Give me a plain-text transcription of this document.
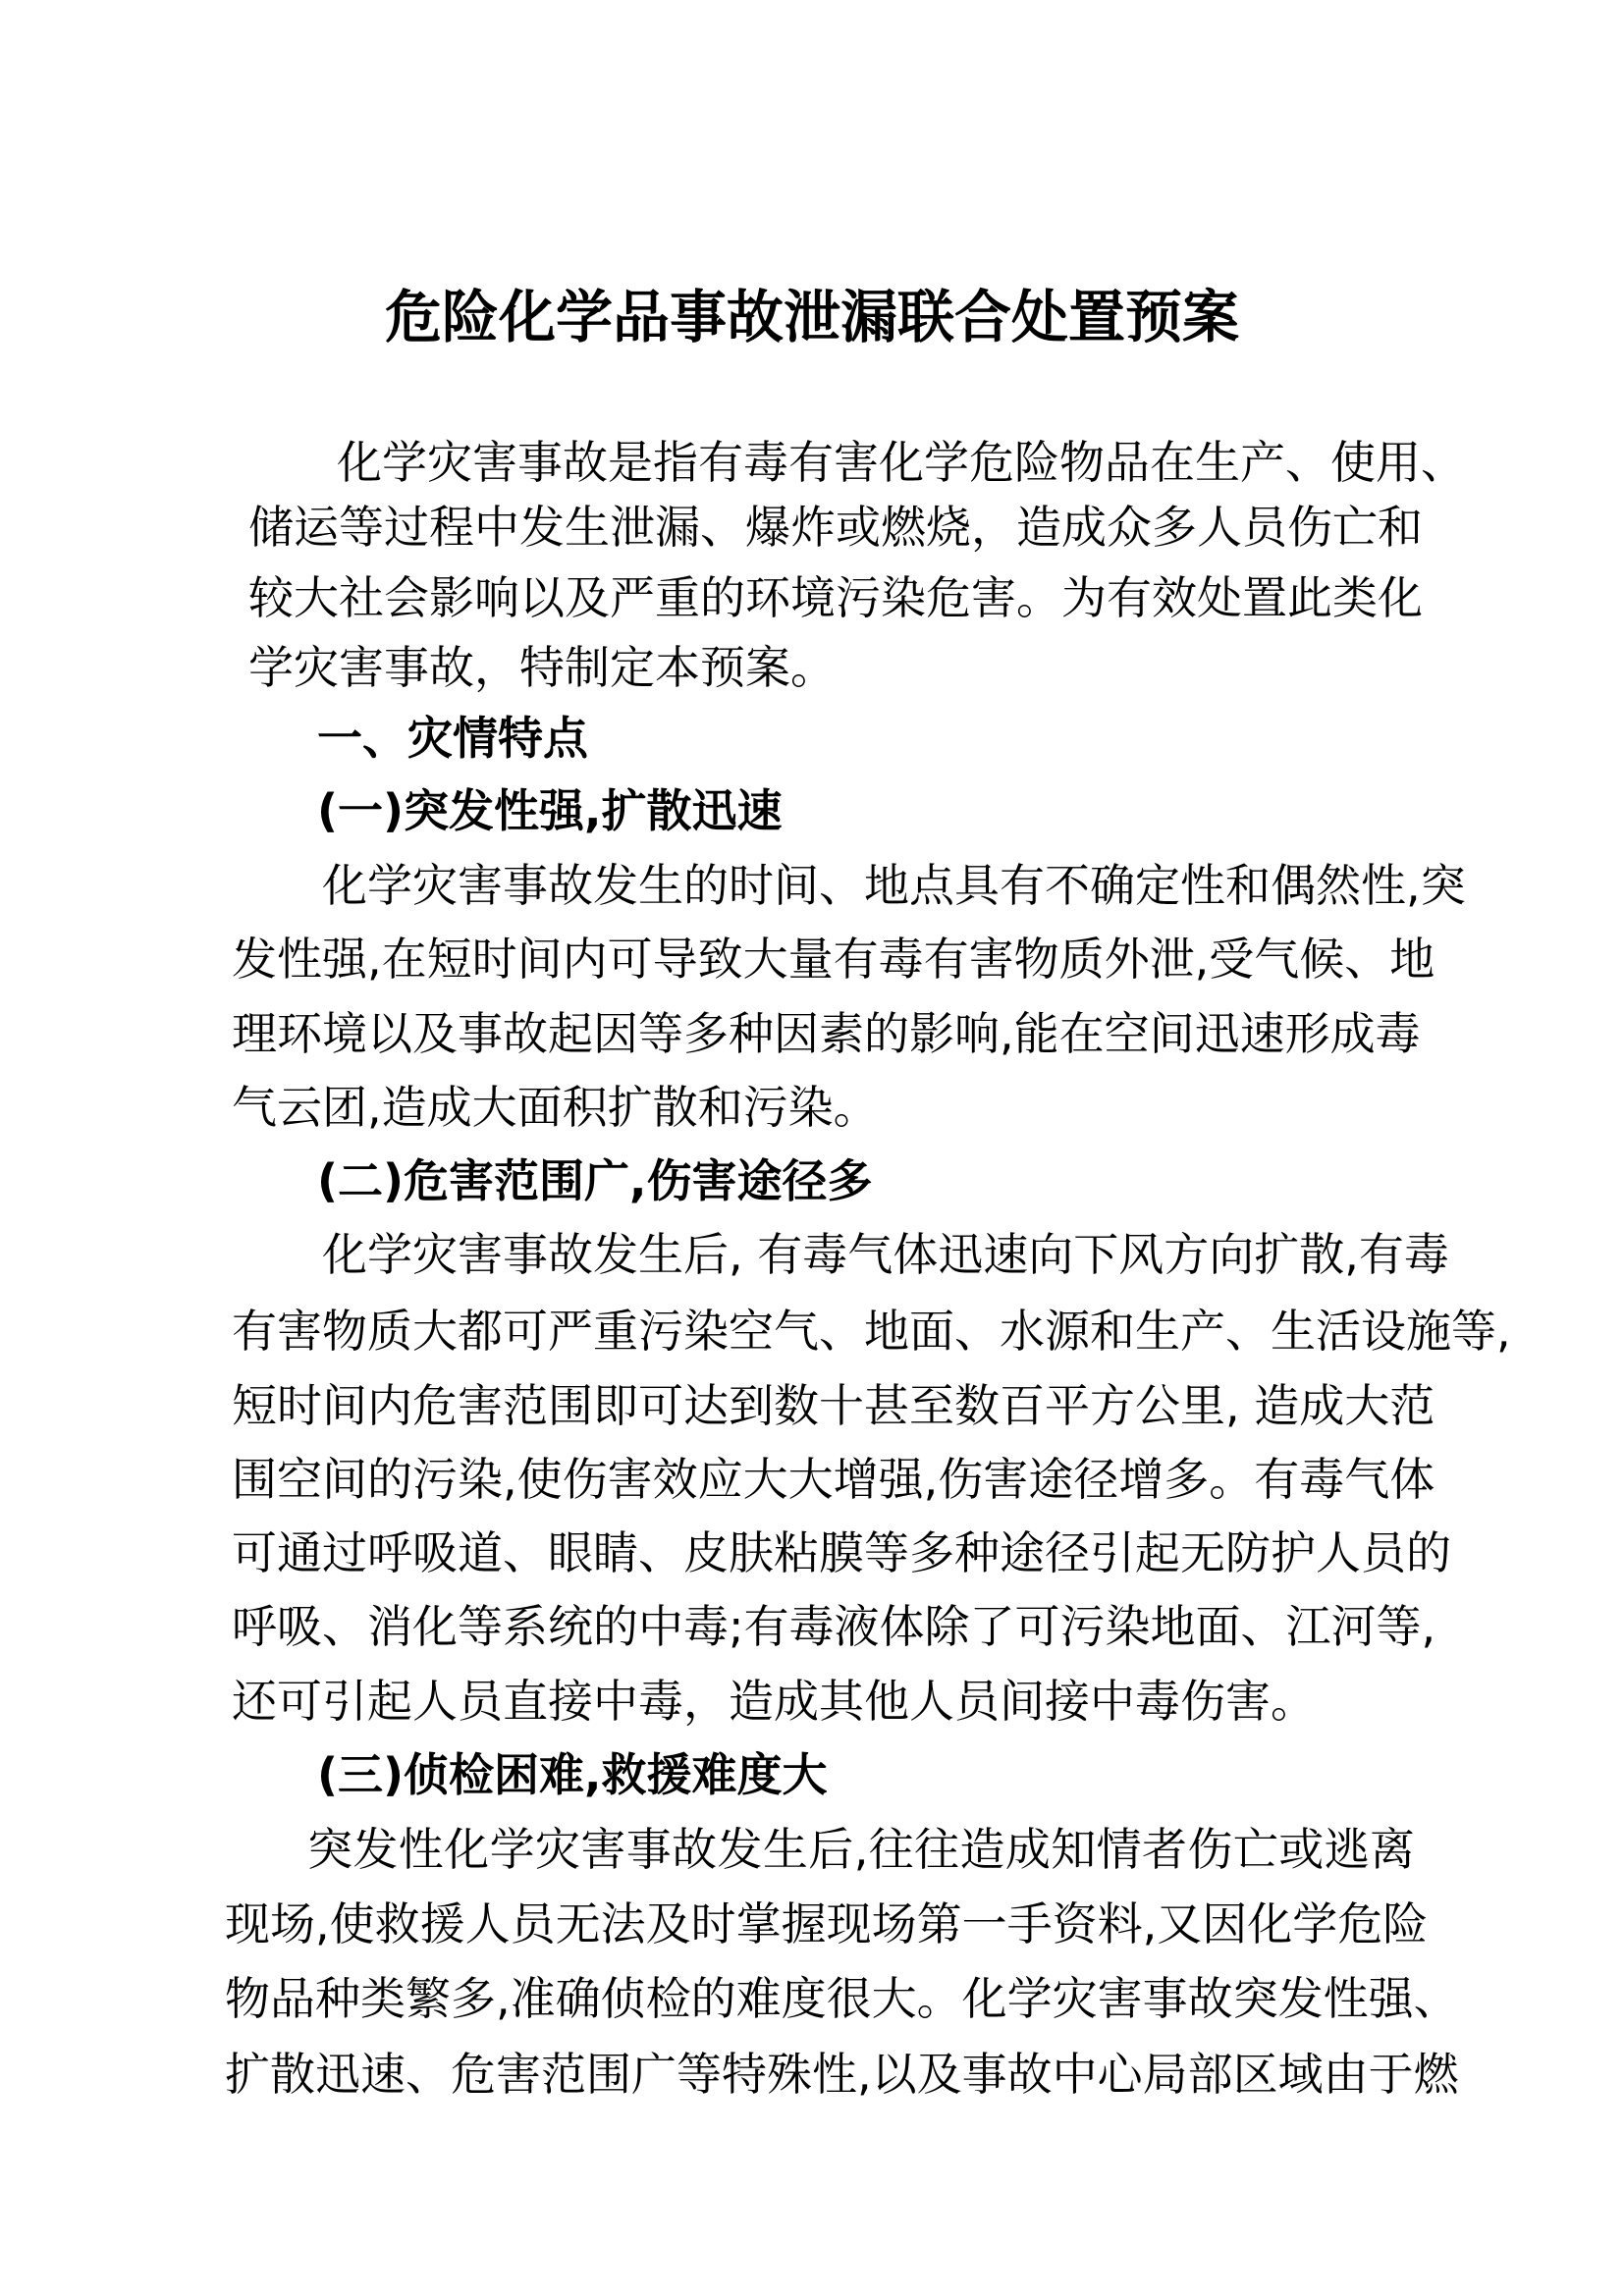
危险化学品事故泄漏联合处置预案
化学灾害事故是指有毒有害化学危险物品在生产、使用、
储运等过程中发生泄漏、爆炸或燃烧，造成众多人员伤亡和
较大社会影响以及严重的环境污染危害。为有效处置此类化
学灾害事故，特制定本预案。
一、灾情特点
(一)突发性强,扩散迅速
化学灾害事故发生的时间、地点具有不确定性和偶然性,突
发性强,在短时间内可导致大量有毒有害物质外泄,受气候、地
理环境以及事故起因等多种因素的影响,能在空间迅速形成毒
气云团,造成大面积扩散和污染。
(二)危害范围广,伤害途径多
化学灾害事故发生后, 有毒气体迅速向下风方向扩散,有毒
有害物质大都可严重污染空气、地面、水源和生产、生活设施等,
短时间内危害范围即可达到数十甚至数百平方公里, 造成大范
围空间的污染,使伤害效应大大增强,伤害途径增多。有毒气体
可通过呼吸道、眼睛、皮肤粘膜等多种途径引起无防护人员的
呼吸、消化等系统的中毒;有毒液体除了可污染地面、江河等,
还可引起人员直接中毒，造成其他人员间接中毒伤害。
(三)侦检困难,救援难度大
突发性化学灾害事故发生后,往往造成知情者伤亡或逃离
现场,使救援人员无法及时掌握现场第一手资料,又因化学危险
物品种类繁多,准确侦检的难度很大。化学灾害事故突发性强、
扩散迅速、危害范围广等特殊性,以及事故中心局部区域由于燃
